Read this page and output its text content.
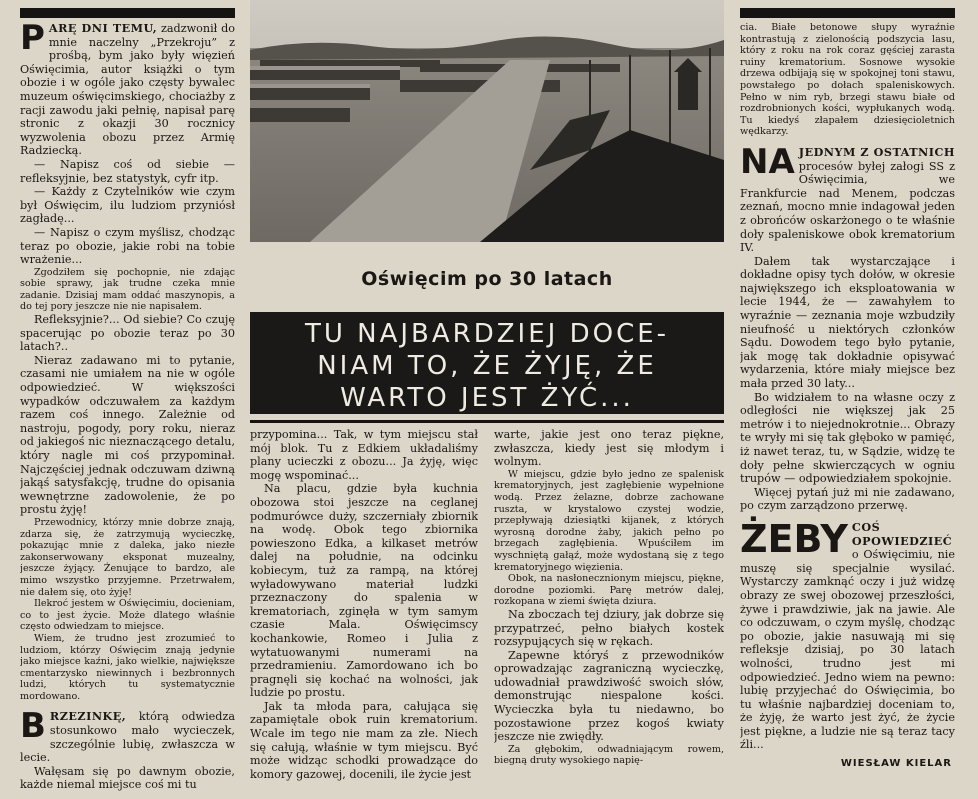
PARĘ DNI TEMU, zadzwonił do mnie naczelny „Przekroju” z prośbą, bym jako były więzień Oświęcimia, autor książki o tym obozie i w ogóle jako częsty bywalec muzeum oświęcimskiego, chociażby z racji zawodu jaki pełnię, napisał parę stronic z okazji 30 rocznicy wyzwolenia obozu przez Armię Radziecką.

— Napisz coś od siebie — refleksyjnie, bez statystyk, cyfr itp.

— Każdy z Czytelników wie czym był Oświęcim, ilu ludziom przyniósł zagładę...

— Napisz o czym myślisz, chodząc teraz po obozie, jakie robi na tobie wrażenie...

Zgodziłem się pochopnie, nie zdając sobie sprawy, jak trudne czeka mnie zadanie. Dzisiaj mam oddać maszynopis, a do tej pory jeszcze nie nie napisałem.

Refleksyjnie?... Od siebie? Co czuję spacerując po obozie teraz po 30 latach?..

Nieraz zadawano mi to pytanie, czasami nie umiałem na nie w ogóle odpowiedzieć. W większości wypadków odczuwałem za każdym razem coś innego. Zależnie od nastroju, pogody, pory roku, nieraz od jakiegoś nic nieznaczącego detalu, który nagle mi coś przypominał. Najczęściej jednak odczuwam dziwną jakąś satysfakcję, trudne do opisania wewnętrzne zadowolenie, że po prostu żyję!

Przewodnicy, którzy mnie dobrze znają, zdarza się, że zatrzymują wycieczkę, pokazując mnie z daleka, jako niezłe zakonserwowany eksponat muzealny, jeszcze żyjący. Żenujące to bardzo, ale mimo wszystko przyjemne. Przetrwałem, nie dałem się, oto żyję!

Ilekroć jestem w Oświęcimiu, docieniam, co to jest życie. Może dlatego właśnie często odwiedzam to miejsce.

Wiem, że trudno jest zrozumieć to ludziom, którzy Oświęcim znają jedynie jako miejsce kaźni, jako wielkie, największe cmentarzysko niewinnych i bezbronnych ludzi, których tu systematycznie mordowano.

BRZEZINKĘ, którą odwiedza stosunkowo mało wycieczek, szczególnie lubię, zwłaszcza w lecie.

Wałęsam się po dawnym obozie, każde niemal miejsce coś mi tu

Oświęcim po 30 latach
TU NAJBARDZIEJ DOCE-
NIAM TO, ŻE ŻYJĘ, ŻE
WARTO JEST ŻYĆ...

przypomina... Tak, w tym miejscu stał mój blok. Tu z Edkiem układaliśmy plany ucieczki z obozu... Ja żyję, więc mogę wspominać...

Na placu, gdzie była kuchnia obozowa stoi jeszcze na ceglanej podmurówce duży, szczerniały zbiornik na wodę. Obok tego zbiornika powieszono Edka, a kilkaset metrów dalej na południe, na odcinku kobiecym, tuż za rampą, na której wyładowywano materiał ludzki przeznaczony do spalenia w krematoriach, zginęła w tym samym czasie Mala. Oświęcimscy kochankowie, Romeo i Julia z wytatuowanymi numerami na przedramieniu. Zamordowano ich bo pragnęli się kochać na wolności, jak ludzie po prostu.

Jak ta młoda para, całująca się zapamiętale obok ruin krematorium. Wcale im tego nie mam za złe. Niech się całują, właśnie w tym miejscu. Być może widząc schodki prowadzące do komory gazowej, docenili, ile życie jest

warte, jakie jest ono teraz piękne, zwłaszcza, kiedy jest się młodym i wolnym.

W miejscu, gdzie było jedno ze spalenisk krematoryjnych, jest zagłębienie wypełnione wodą. Przez żelazne, dobrze zachowane ruszta, w krystalowo czystej wodzie, przepływają dziesiątki kijanek, z których wyrosną dorodne żaby, jakich pełno po brzegach zagłębienia. Wpuściłem im wyschniętą gałąź, może wydostaną się z tego krematoryjnego więzienia.

Obok, na nasłonecznionym miejscu, piękne, dorodne poziomki. Parę metrów dalej, rozkopana w ziemi święta dziura.

Na zboczach tej dziury, jak dobrze się przypatrzeć, pełno białych kostek rozsypujących się w rękach.

Zapewne któryś z przewodników oprowadzając zagraniczną wycieczkę, udowadniał prawdziwość swoich słów, demonstrując niespalone kości. Wycieczka była tu niedawno, bo pozostawione przez kogoś kwiaty jeszcze nie zwiędły.

Za głębokim, odwadniającym rowem, biegną druty wysokiego napię-

cia. Białe betonowe słupy wyraźnie kontrastują z zielonością podszycia lasu, który z roku na rok coraz gęściej zarasta ruiny krematorium. Sosnowe wysokie drzewa odbijają się w spokojnej toni stawu, powstałego po dołach spaleniskowych. Pełno w nim ryb, brzegi stawu białe od rozdrobnionych kości, wypłukanych wodą. Tu kiedyś złapałem dziesięcioletnich wędkarzy.

NA JEDNYM Z OSTATNICH procesów byłej załogi SS z Oświęcimia, we Frankfurcie nad Menem, podczas zeznań, mocno mnie indagował jeden z obrońców oskarżonego o te właśnie doły spaleniskowe obok krematorium IV.

Dałem tak wystarczające i dokładne opisy tych dołów, w okresie największego ich eksploatowania w lecie 1944, że — zawahyłem to wyraźnie — zeznania moje wzbudziły nieufność u niektórych członków Sądu. Dowodem tego było pytanie, jak mogę tak dokładnie opisywać wydarzenia, które miały miejsce bez mała przed 30 laty...

Bo widziałem to na własne oczy z odległości nie większej jak 25 metrów i to niejednokrotnie... Obrazy te wryły mi się tak głęboko w pamięć, iż nawet teraz, tu, w Sądzie, widzę te doły pełne skwierczących w ogniu trupów — odpowiedziałem spokojnie.

Więcej pytań już mi nie zadawano, po czym zarządzono przerwę.

ŻEBY COŚ OPOWIEDZIEĆ o Oświęcimiu, nie muszę się specjalnie wysilać. Wystarczy zamknąć oczy i już widzę obrazy ze swej obozowej przeszłości, żywe i prawdziwie, jak na jawie. Ale co odczuwam, o czym myślę, chodząc po obozie, jakie nasuwają mi się refleksje dzisiaj, po 30 latach wolności, trudno jest mi odpowiedzieć. Jedno wiem na pewno: lubię przyjechać do Oświęcimia, bo tu właśnie najbardziej doceniam to, że żyję, że warto jest żyć, że życie jest piękne, a ludzie nie są teraz tacy źli...

WIESŁAW KIELAR
